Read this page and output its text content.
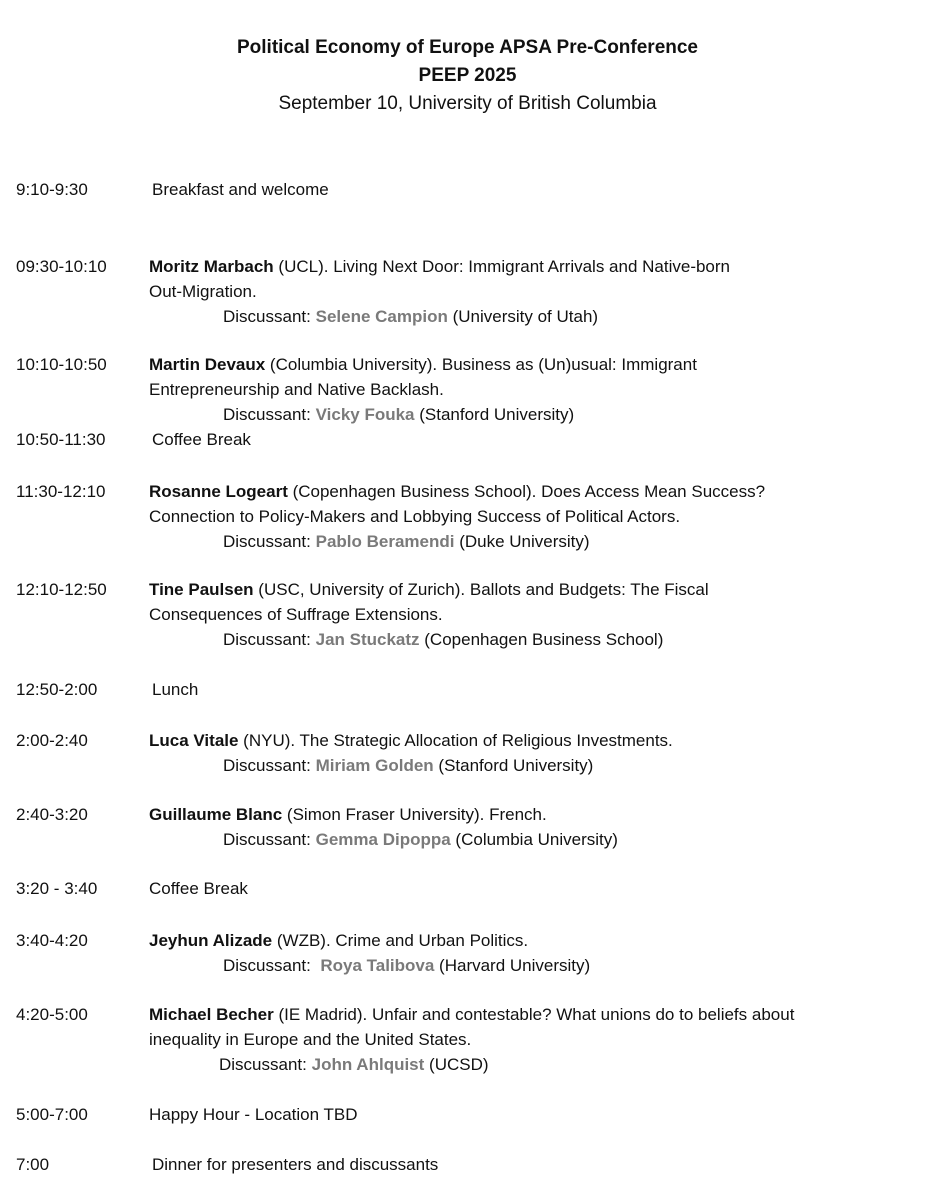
Political Economy of Europe APSA Pre-Conference
PEEP 2025
September 10, University of British Columbia
9:10-9:30	Breakfast and welcome
09:30-10:10 Moritz Marbach (UCL). Living Next Door: Immigrant Arrivals and Native-born
Out-Migration.
Discussant: Selene Campion (University of Utah)
10:10-10:50 Martin Devaux (Columbia University). Business as (Un)usual: Immigrant
Entrepreneurship and Native Backlash.
Discussant: Vicky Fouka (Stanford University)
10:50-11:30	Coffee Break
11:30-12:10	Rosanne Logeart (Copenhagen Business School). Does Access Mean Success?
Connection to Policy-Makers and Lobbying Success of Political Actors.
Discussant: Pablo Beramendi (Duke University)
12:10-12:50 Tine Paulsen (USC, University of Zurich). Ballots and Budgets: The Fiscal
Consequences of Suffrage Extensions.
Discussant: Jan Stuckatz (Copenhagen Business School)
12:50-2:00	Lunch
2:00-2:40	Luca Vitale (NYU). The Strategic Allocation of Religious Investments.
Discussant: Miriam Golden (Stanford University)
2:40-3:20	Guillaume Blanc (Simon Fraser University). French.
Discussant: Gemma Dipoppa (Columbia University)
3:20 - 3:40	Coffee Break
3:40-4:20	Jeyhun Alizade (WZB). Crime and Urban Politics.
Discussant: Roya Talibova (Harvard University)
4:20-5:00	Michael Becher (IE Madrid). Unfair and contestable? What unions do to beliefs about
inequality in Europe and the United States.
Discussant: John Ahlquist (UCSD)
5:00-7:00	Happy Hour - Location TBD
7:00	Dinner for presenters and discussants
